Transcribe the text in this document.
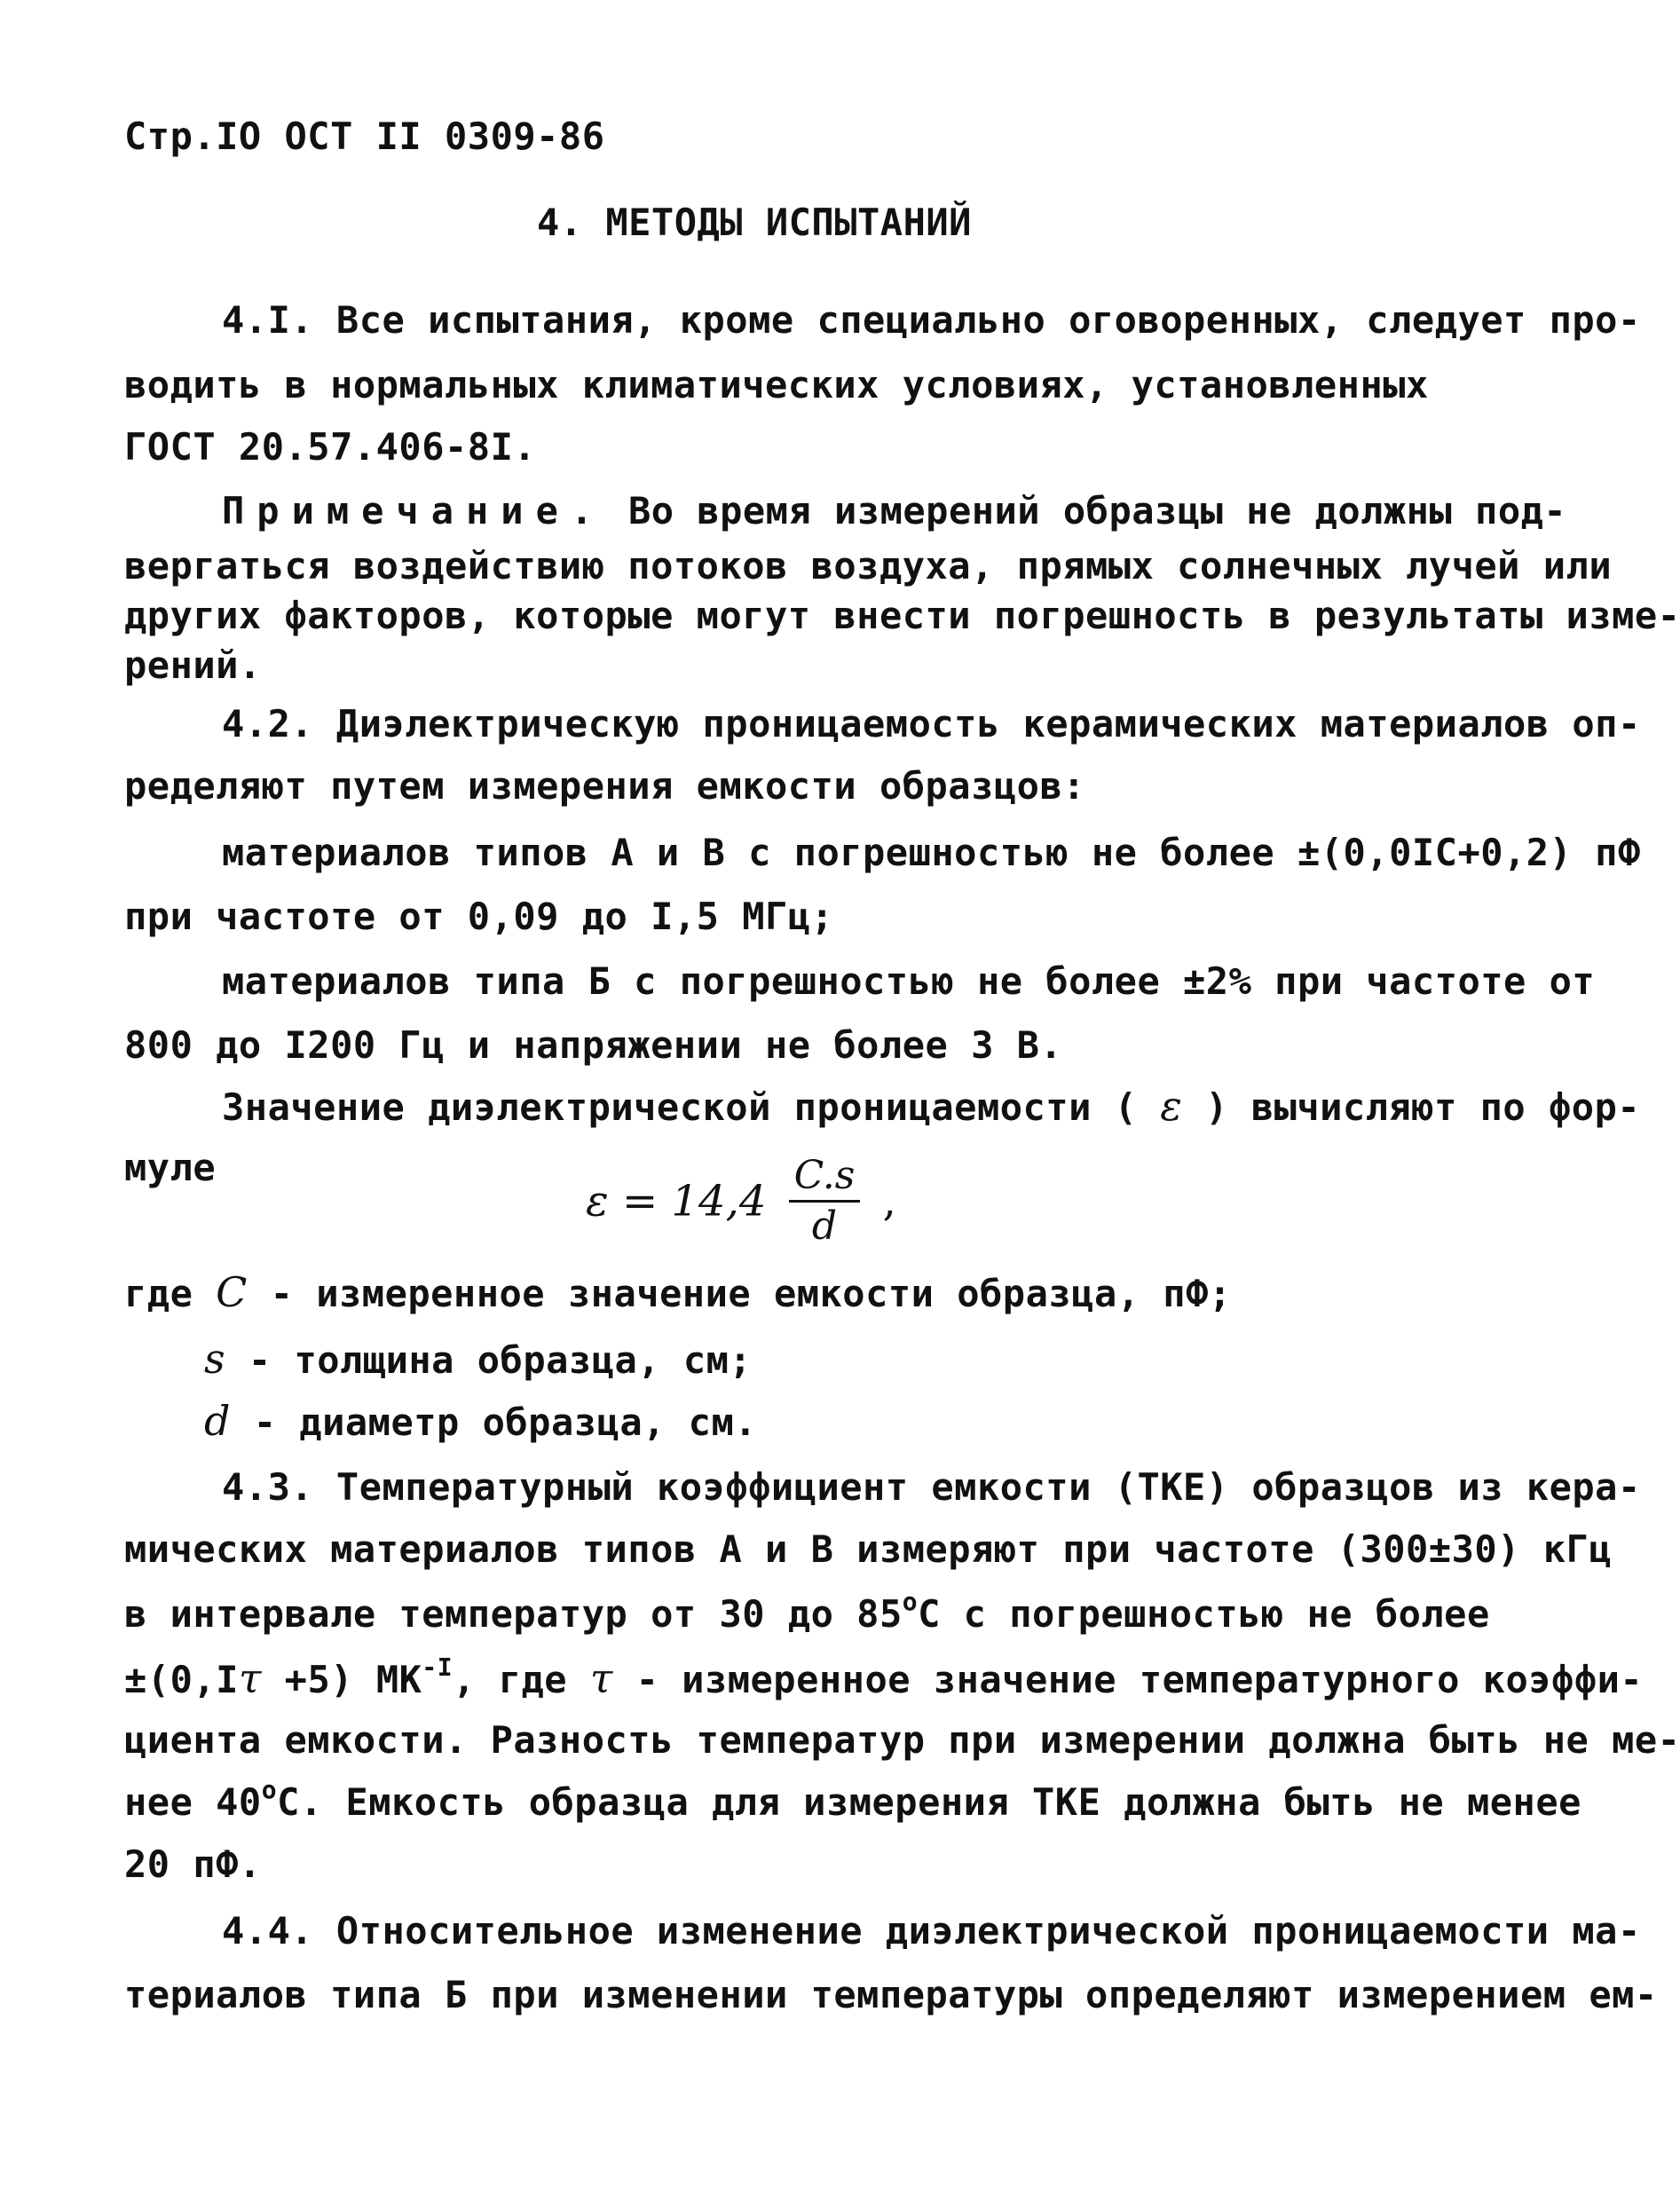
Стр.IO ОСТ II 0309-86
4. МЕТОДЫ ИСПЫТАНИЙ
4.I. Все испытания, кроме специально оговоренных, следует про-
водить в нормальных климатических условиях, установленных
ГОСТ 20.57.406-8I.
Примечание. Во время измерений образцы не должны под-
вергаться воздействию потоков воздуха, прямых солнечных лучей или
других факторов, которые могут внести погрешность в результаты изме-
рений.
4.2. Диэлектрическую проницаемость керамических материалов оп-
ределяют путем измерения емкости образцов:
материалов типов А и В с погрешностью не более ±(0,0IC+0,2) пФ
при частоте от 0,09 до I,5 МГц;
материалов типа Б с погрешностью не более ±2% при частоте от
800 до I200 Гц и напряжении не более 3 В.
Значение диэлектрической проницаемости ( ε ) вычисляют по фор-
муле
$\varepsilon = 14,4 \frac{C.s}{d}$ ,
где C - измеренное значение емкости образца, пФ;
s - толщина образца, см;
d - диаметр образца, см.
4.3. Температурный коэффициент емкости (ТКЕ) образцов из кера-
мических материалов типов А и В измеряют при частоте (300±30) кГц
в интервале температур от 30 до 85$^o$С с погрешностью не более
±(0,Iτ +5) $МК^{-I}$, где τ - измеренное значение температурного коэффи-
циента емкости. Разность температур при измерении должна быть не ме-
нее 40$^o$С. Емкость образца для измерения ТКЕ должна быть не менее
20 пФ.
4.4. Относительное изменение диэлектрической проницаемости ма-
териалов типа Б при изменении температуры определяют измерением ем-
